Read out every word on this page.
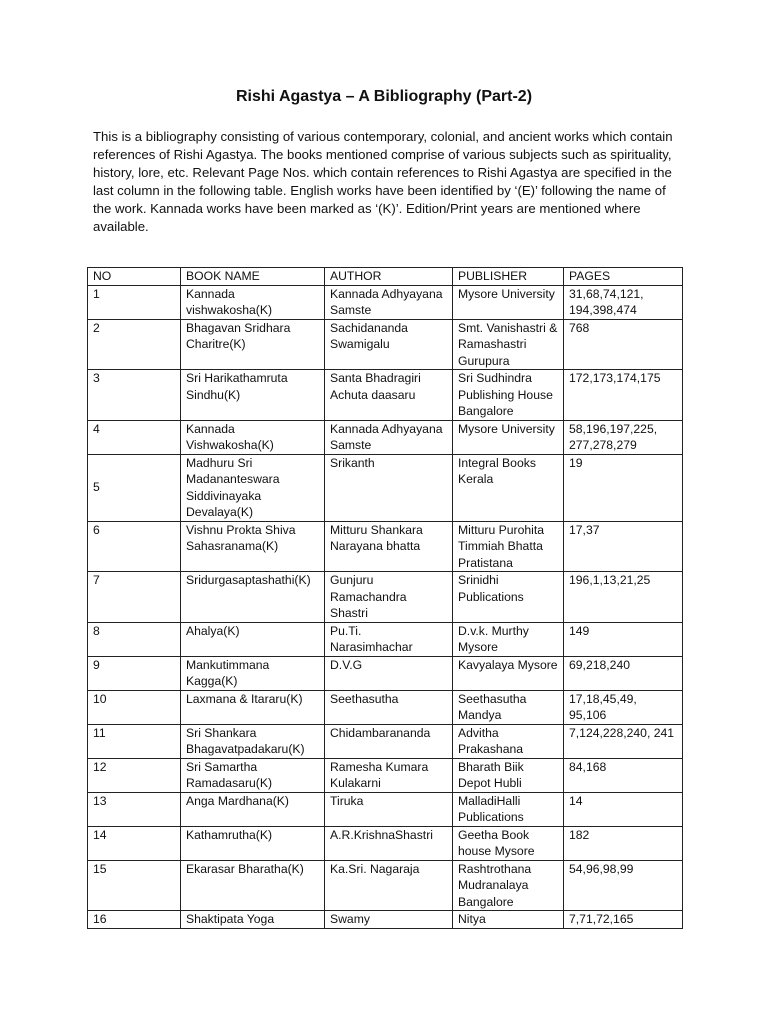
Rishi Agastya – A Bibliography (Part-2)

This is a bibliography consisting of various contemporary, colonial, and ancient works which contain references of Rishi Agastya. The books mentioned comprise of various subjects such as spirituality, history, lore, etc. Relevant Page Nos. which contain references to Rishi Agastya are specified in the last column in the following table. English works have been identified by ‘(E)’ following the name of the work. Kannada works have been marked as ‘(K)’. Edition/Print years are mentioned where available.

NO	BOOK NAME	AUTHOR	PUBLISHER	PAGES
1	Kannada vishwakosha(K)	Kannada Adhyayana Samste	Mysore University	31,68,74,121, 194,398,474
2	Bhagavan Sridhara Charitre(K)	Sachidananda Swamigalu	Smt. Vanishastri & Ramashastri Gurupura	768
3	Sri Harikathamruta Sindhu(K)	Santa Bhadragiri Achuta daasaru	Sri Sudhindra Publishing House Bangalore	172,173,174,175
4	Kannada Vishwakosha(K)	Kannada Adhyayana Samste	Mysore University	58,196,197,225, 277,278,279
5	Madhuru Sri Madananteswara Siddivinayaka Devalaya(K)	Srikanth	Integral Books Kerala	19
6	Vishnu Prokta Shiva Sahasranama(K)	Mitturu Shankara Narayana bhatta	Mitturu Purohita Timmiah Bhatta Pratistana	17,37
7	Sridurgasaptashathi(K)	Gunjuru Ramachandra Shastri	Srinidhi Publications	196,1,13,21,25
8	Ahalya(K)	Pu.Ti. Narasimhachar	D.v.k. Murthy Mysore	149
9	Mankutimmana Kagga(K)	D.V.G	Kavyalaya Mysore	69,218,240
10	Laxmana & Itararu(K)	Seethasutha	Seethasutha Mandya	17,18,45,49, 95,106
11	Sri Shankara Bhagavatpadakaru(K)	Chidambarananda	Advitha Prakashana	7,124,228,240, 241
12	Sri Samartha Ramadasaru(K)	Ramesha Kumara Kulakarni	Bharath Biik Depot Hubli	84,168
13	Anga Mardhana(K)	Tiruka	MalladiHalli Publications	14
14	Kathamrutha(K)	A.R.KrishnaShastri	Geetha Book house Mysore	182
15	Ekarasar Bharatha(K)	Ka.Sri. Nagaraja	Rashtrothana Mudranalaya Bangalore	54,96,98,99
16	Shaktipata Yoga	Swamy	Nitya	7,71,72,165
